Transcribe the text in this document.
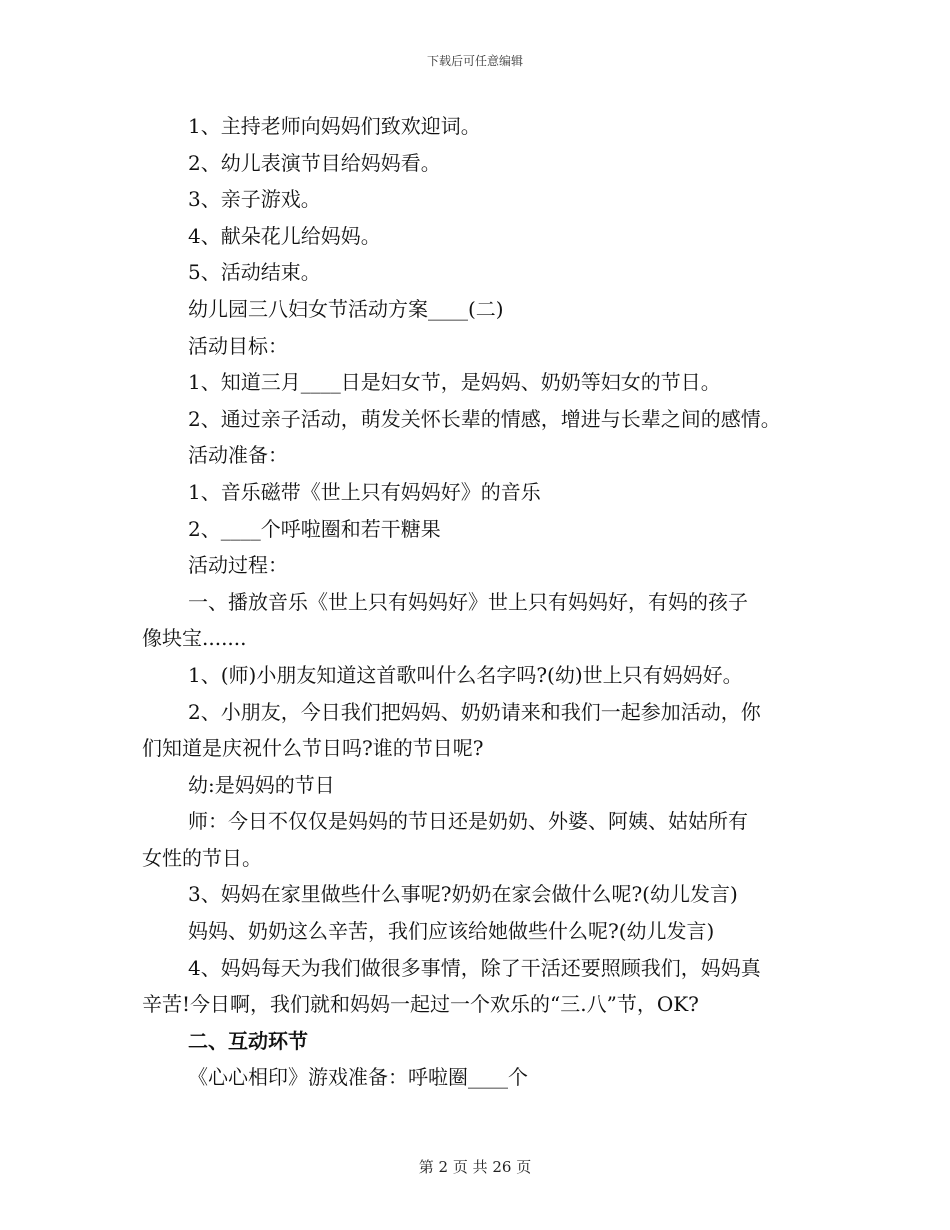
下载后可任意编辑
1、主持老师向妈妈们致欢迎词。
2、幼儿表演节目给妈妈看。
3、亲子游戏。
4、献朵花儿给妈妈。
5、活动结束。
幼儿园三八妇女节活动方案____(二)
活动目标：
1、知道三月____日是妇女节，是妈妈、奶奶等妇女的节日。
2、通过亲子活动，萌发关怀长辈的情感，增进与长辈之间的感情。
活动准备：
1、音乐磁带《世上只有妈妈好》的音乐
2、____个呼啦圈和若干糖果
活动过程：
一、播放音乐《世上只有妈妈好》世上只有妈妈好，有妈的孩子
像块宝.......
1、(师)小朋友知道这首歌叫什么名字吗?(幼)世上只有妈妈好。
2、小朋友，今日我们把妈妈、奶奶请来和我们一起参加活动，你
们知道是庆祝什么节日吗?谁的节日呢?
幼:是妈妈的节日
师：今日不仅仅是妈妈的节日还是奶奶、外婆、阿姨、姑姑所有
女性的节日。
3、妈妈在家里做些什么事呢?奶奶在家会做什么呢?(幼儿发言)
妈妈、奶奶这么辛苦，我们应该给她做些什么呢?(幼儿发言)
4、妈妈每天为我们做很多事情，除了干活还要照顾我们，妈妈真
辛苦!今日啊，我们就和妈妈一起过一个欢乐的“三.八”节，OK?
二、互动环节
《心心相印》游戏准备：呼啦圈____个
第 2 页 共 26 页
